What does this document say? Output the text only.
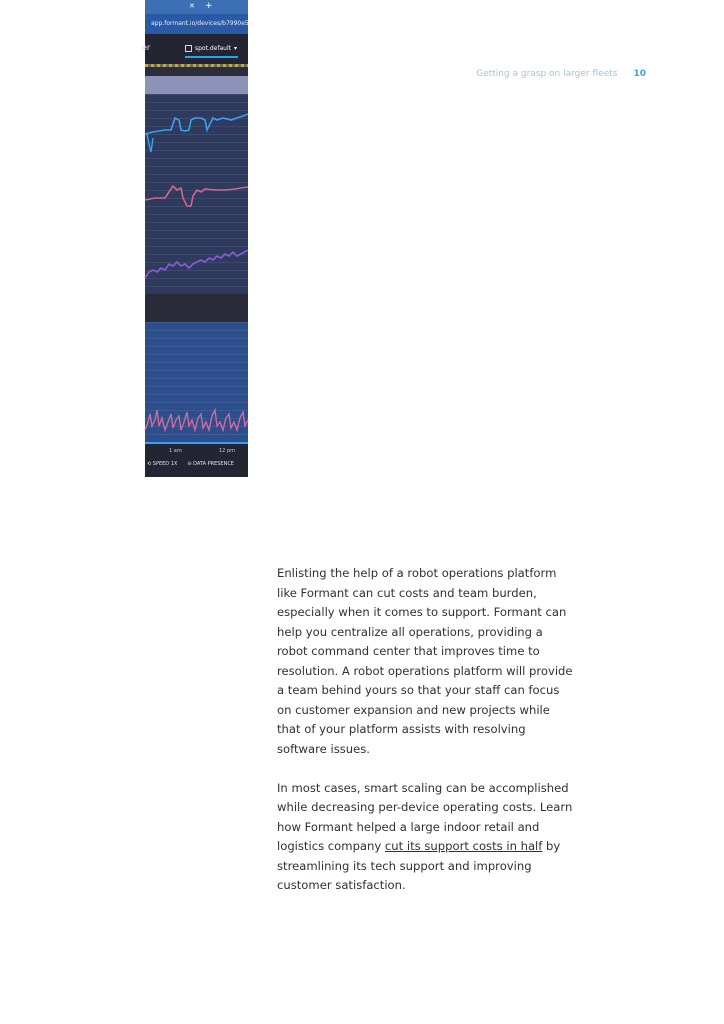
Getting a grasp on larger fleets 10
✕ +
app.formant.io/devices/b7990e5a-
er	spot.default ▾
1 am	12 pm
⟲ SPEED 1X ⊖ DATA PRESENCE

Enlisting the help of a robot operations platform like Formant can cut costs and team burden, especially when it comes to support. Formant can help you centralize all operations, providing a robot command center that improves time to resolution. A robot operations platform will provide a team behind yours so that your staff can focus on customer expansion and new projects while that of your platform assists with resolving software issues.

In most cases, smart scaling can be accomplished while decreasing per-device operating costs. Learn how Formant helped a large indoor retail and logistics company cut its support costs in half by streamlining its tech support and improving customer satisfaction.
